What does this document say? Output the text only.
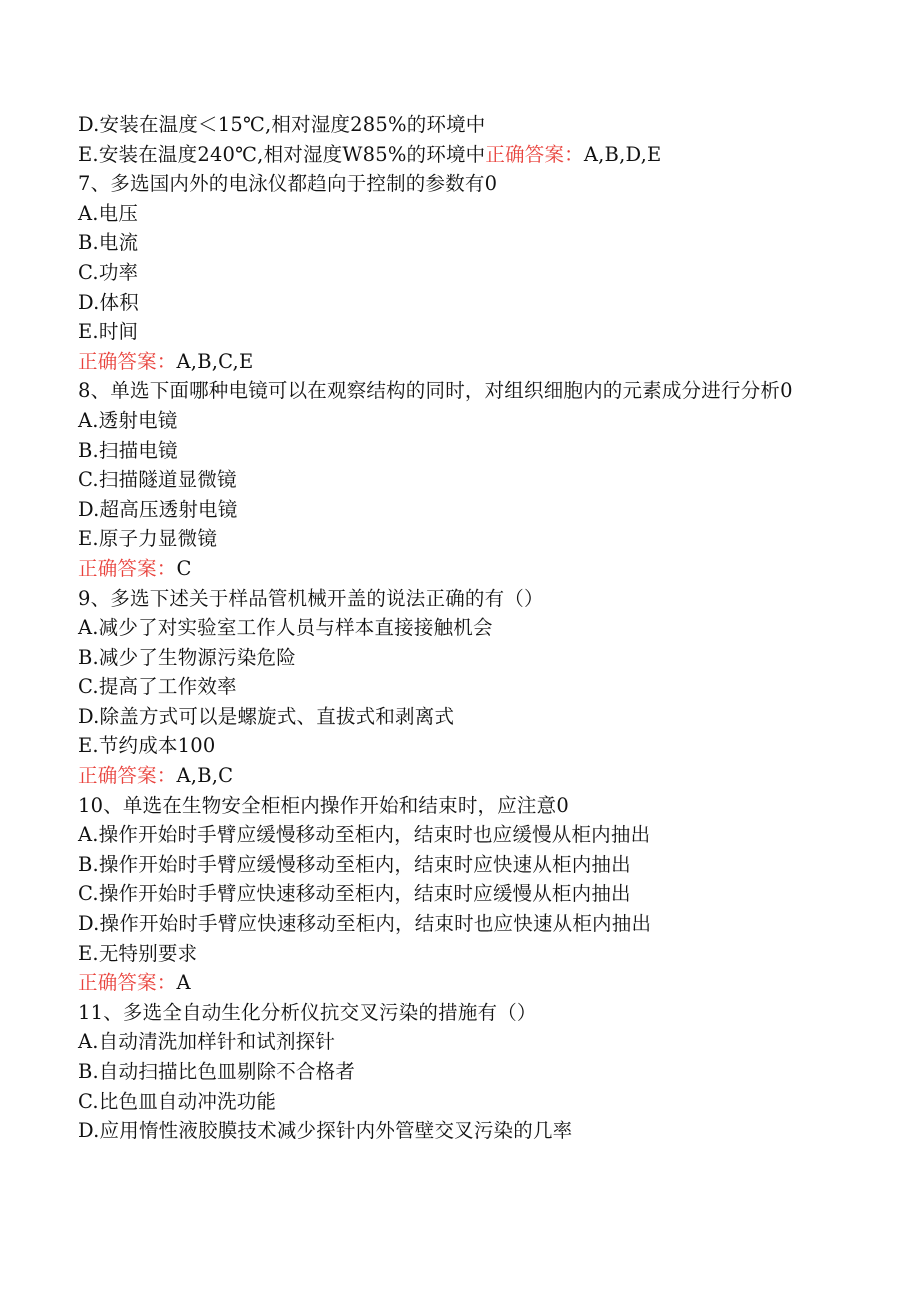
D.安装在温度＜15℃,相对湿度285%的环境中
E.安装在温度240℃,相对湿度W85%的环境中正确答案：A,B,D,E
7、多选国内外的电泳仪都趋向于控制的参数有0
A.电压
B.电流
C.功率
D.体积
E.时间
正确答案：A,B,C,E
8、单选下面哪种电镜可以在观察结构的同时，对组织细胞内的元素成分进行分析0
A.透射电镜
B.扫描电镜
C.扫描隧道显微镜
D.超高压透射电镜
E.原子力显微镜
正确答案：C
9、多选下述关于样品管机械开盖的说法正确的有（）
A.减少了对实验室工作人员与样本直接接触机会
B.减少了生物源污染危险
C.提高了工作效率
D.除盖方式可以是螺旋式、直拔式和剥离式
E.节约成本100
正确答案：A,B,C
10、单选在生物安全柜柜内操作开始和结束时，应注意0
A.操作开始时手臂应缓慢移动至柜内，结束时也应缓慢从柜内抽出
B.操作开始时手臂应缓慢移动至柜内，结束时应快速从柜内抽出
C.操作开始时手臂应快速移动至柜内，结束时应缓慢从柜内抽出
D.操作开始时手臂应快速移动至柜内，结束时也应快速从柜内抽出
E.无特别要求
正确答案：A
11、多选全自动生化分析仪抗交叉污染的措施有（）
A.自动清洗加样针和试剂探针
B.自动扫描比色皿剔除不合格者
C.比色皿自动冲洗功能
D.应用惰性液胶膜技术减少探针内外管壁交叉污染的几率
